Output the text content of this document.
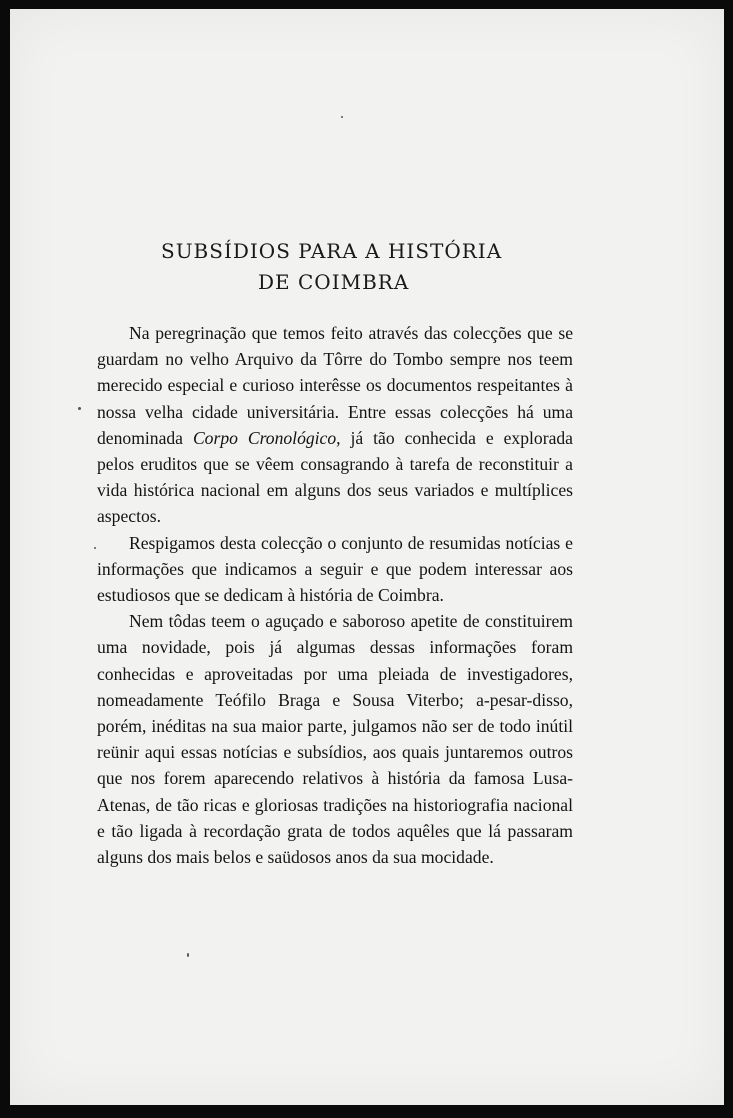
SUBSÍDIOS PARA A HISTÓRIA
DE COIMBRA

Na peregrinação que temos feito através das colecções que se guardam no velho Arquivo da Tôrre do Tombo sempre nos teem merecido especial e curioso interêsse os documentos respeitantes à nossa velha cidade universitária. Entre essas colecções há uma denominada Corpo Cronológico, já tão conhecida e explorada pelos eruditos que se vêem consagrando à tarefa de reconstituir a vida histórica nacional em alguns dos seus variados e multíplices aspectos.

Respigamos desta colecção o conjunto de resumidas notícias e informações que indicamos a seguir e que podem interessar aos estudiosos que se dedicam à história de Coimbra.

Nem tôdas teem o aguçado e saboroso apetite de constituirem uma novidade, pois já algumas dessas informações foram conhecidas e aproveitadas por uma pleiada de investigadores, nomeadamente Teófilo Braga e Sousa Viterbo; a-pesar-disso, porém, inéditas na sua maior parte, julgamos não ser de todo inútil reünir aqui essas notícias e subsídios, aos quais juntaremos outros que nos forem aparecendo relativos à história da famosa Lusa-Atenas, de tão ricas e gloriosas tradições na historiografia nacional e tão ligada à recordação grata de todos aquêles que lá passaram alguns dos mais belos e saüdosos anos da sua mocidade.
